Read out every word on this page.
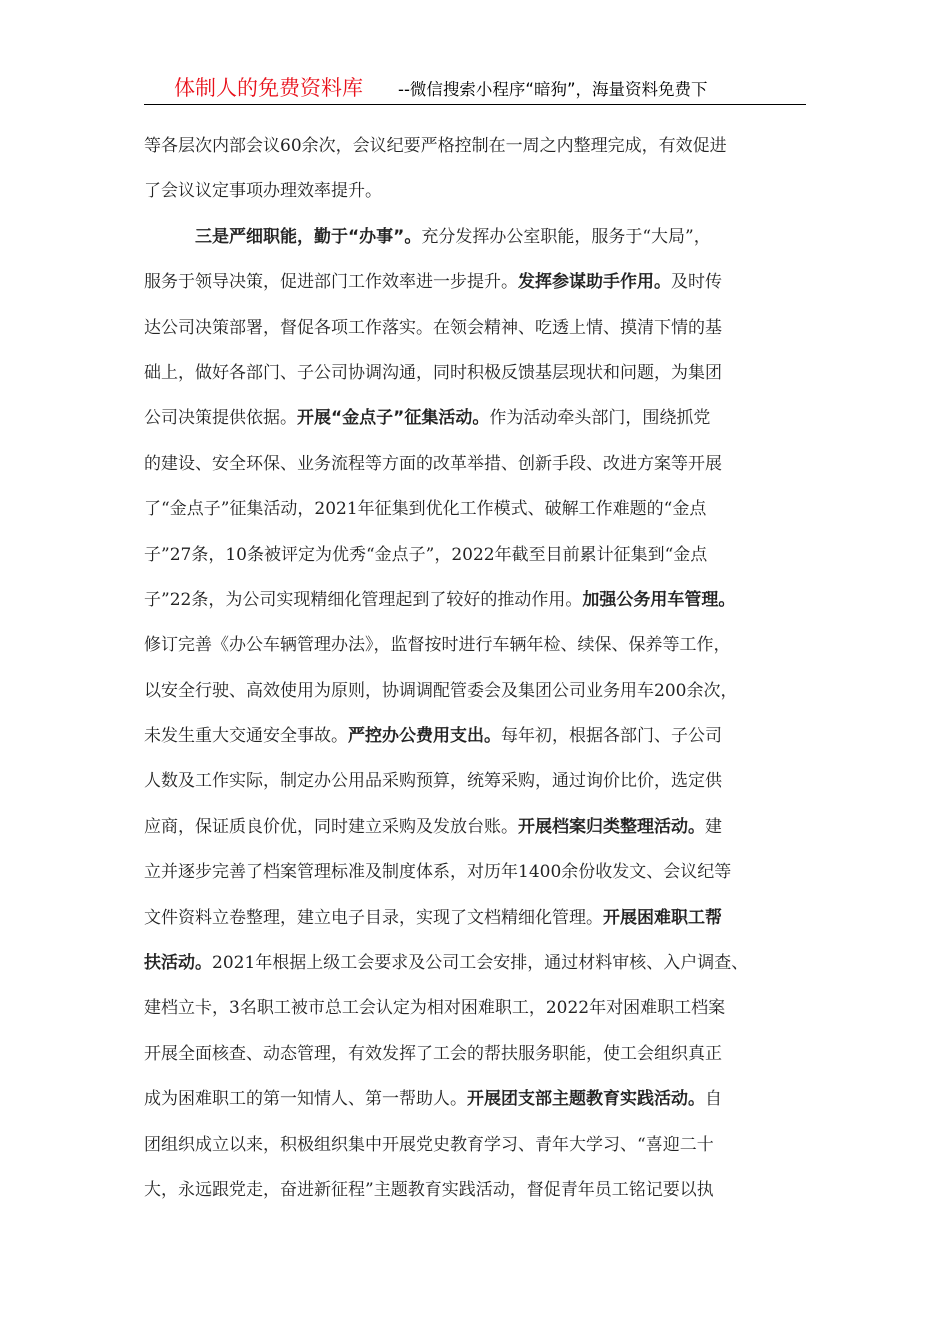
体制人的免费资料库 --微信搜索小程序“暗狗”，海量资料免费下
等各层次内部会议60余次，会议纪要严格控制在一周之内整理完成，有效促进
了会议议定事项办理效率提升。
三是严细职能，勤于“办事”。充分发挥办公室职能，服务于“大局”，
服务于领导决策，促进部门工作效率进一步提升。发挥参谋助手作用。及时传
达公司决策部署，督促各项工作落实。在领会精神、吃透上情、摸清下情的基
础上，做好各部门、子公司协调沟通，同时积极反馈基层现状和问题，为集团
公司决策提供依据。开展“金点子”征集活动。作为活动牵头部门，围绕抓党
的建设、安全环保、业务流程等方面的改革举措、创新手段、改进方案等开展
了“金点子”征集活动，2021年征集到优化工作模式、破解工作难题的“金点
子”27条，10条被评定为优秀“金点子”，2022年截至目前累计征集到“金点
子”22条，为公司实现精细化管理起到了较好的推动作用。加强公务用车管理。
修订完善《办公车辆管理办法》，监督按时进行车辆年检、续保、保养等工作，
以安全行驶、高效使用为原则，协调调配管委会及集团公司业务用车200余次，
未发生重大交通安全事故。严控办公费用支出。每年初，根据各部门、子公司
人数及工作实际，制定办公用品采购预算，统筹采购，通过询价比价，选定供
应商，保证质良价优，同时建立采购及发放台账。开展档案归类整理活动。建
立并逐步完善了档案管理标准及制度体系，对历年1400余份收发文、会议纪等
文件资料立卷整理，建立电子目录，实现了文档精细化管理。开展困难职工帮
扶活动。2021年根据上级工会要求及公司工会安排，通过材料审核、入户调查、
建档立卡，3名职工被市总工会认定为相对困难职工，2022年对困难职工档案
开展全面核查、动态管理，有效发挥了工会的帮扶服务职能，使工会组织真正
成为困难职工的第一知情人、第一帮助人。开展团支部主题教育实践活动。自
团组织成立以来，积极组织集中开展党史教育学习、青年大学习、“喜迎二十
大，永远跟党走，奋进新征程”主题教育实践活动，督促青年员工铭记要以执
